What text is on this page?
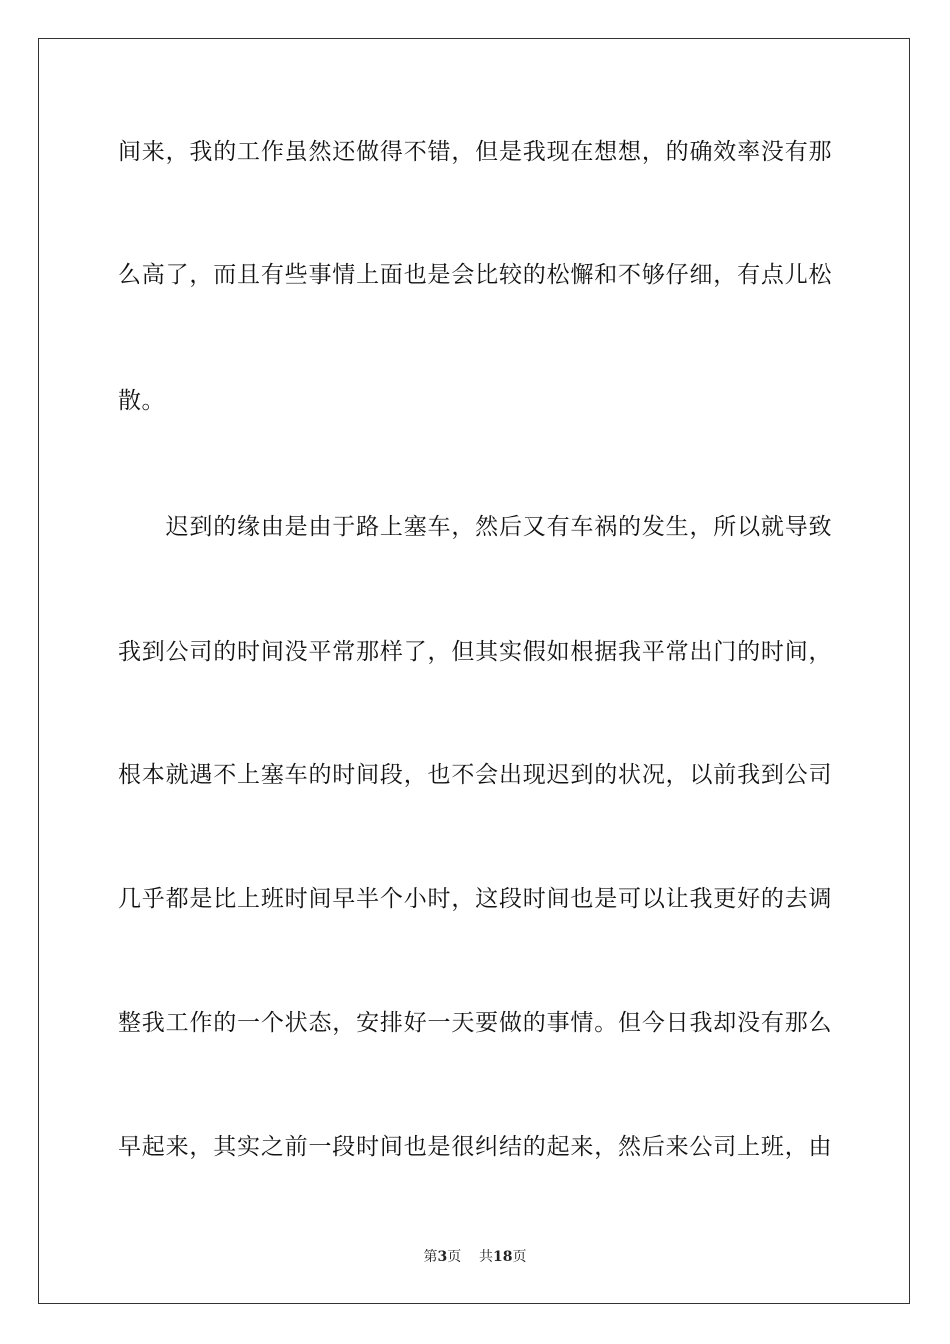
间来，我的工作虽然还做得不错，但是我现在想想，的确效率没有那
么高了，而且有些事情上面也是会比较的松懈和不够仔细，有点儿松
散。
　　迟到的缘由是由于路上塞车，然后又有车祸的发生，所以就导致
我到公司的时间没平常那样了，但其实假如根据我平常出门的时间，
根本就遇不上塞车的时间段，也不会出现迟到的状况，以前我到公司
几乎都是比上班时间早半个小时，这段时间也是可以让我更好的去调
整我工作的一个状态，安排好一天要做的事情。但今日我却没有那么
早起来，其实之前一段时间也是很纠结的起来，然后来公司上班，由
第3页 共18页
